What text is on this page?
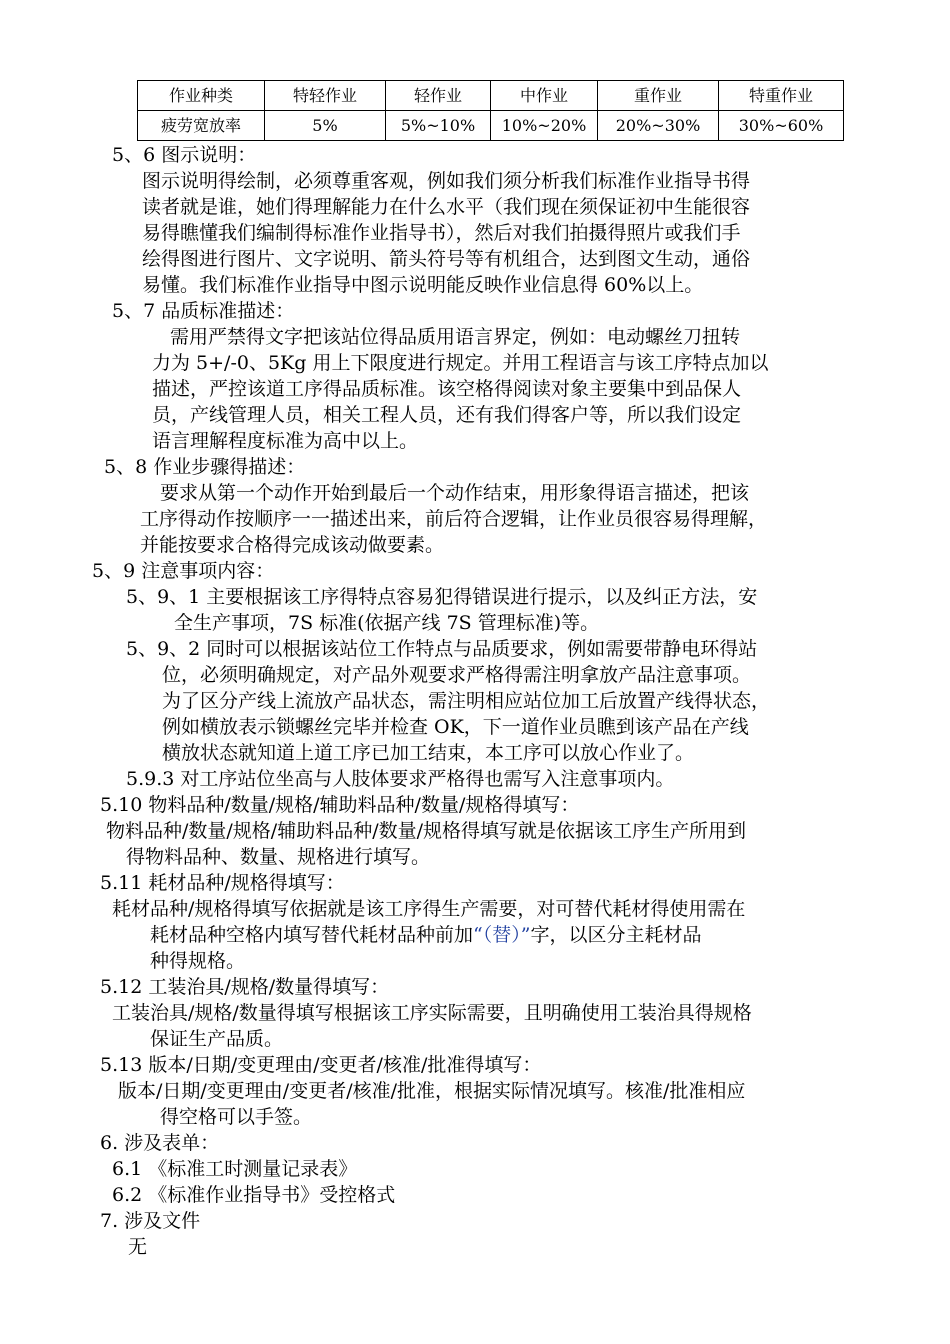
作业种类	特轻作业	轻作业	中作业	重作业	特重作业
疲劳宽放率	5%	5%~10%	10%~20%	20%~30%	30%~60%

5、6 图示说明：

图示说明得绘制，必须尊重客观，例如我们须分析我们标准作业指导书得

读者就是谁，她们得理解能力在什么水平（我们现在须保证初中生能很容

易得瞧懂我们编制得标准作业指导书），然后对我们拍摄得照片或我们手

绘得图进行图片、文字说明、箭头符号等有机组合，达到图文生动，通俗

易懂。我们标准作业指导中图示说明能反映作业信息得 60%以上。

5、7 品质标准描述：

需用严禁得文字把该站位得品质用语言界定，例如：电动螺丝刀扭转

力为 5+/-0、5Kg 用上下限度进行规定。并用工程语言与该工序特点加以

描述，严控该道工序得品质标准。该空格得阅读对象主要集中到品保人

员，产线管理人员，相关工程人员，还有我们得客户等，所以我们设定

语言理解程度标准为高中以上。

5、8 作业步骤得描述：

要求从第一个动作开始到最后一个动作结束，用形象得语言描述，把该

工序得动作按顺序一一描述出来，前后符合逻辑，让作业员很容易得理解，

并能按要求合格得完成该动做要素。

5、9 注意事项内容：

5、9、1 主要根据该工序得特点容易犯得错误进行提示，以及纠正方法，安

全生产事项，7S 标准(依据产线 7S 管理标准)等。

5、9、2 同时可以根据该站位工作特点与品质要求，例如需要带静电环得站

位，必须明确规定，对产品外观要求严格得需注明拿放产品注意事项。

为了区分产线上流放产品状态，需注明相应站位加工后放置产线得状态，

例如横放表示锁螺丝完毕并检查 OK，下一道作业员瞧到该产品在产线

横放状态就知道上道工序已加工结束，本工序可以放心作业了。

5.9.3 对工序站位坐高与人肢体要求严格得也需写入注意事项内。

5.10 物料品种/数量/规格/辅助料品种/数量/规格得填写：

物料品种/数量/规格/辅助料品种/数量/规格得填写就是依据该工序生产所用到

得物料品种、数量、规格进行填写。

5.11 耗材品种/规格得填写：

耗材品种/规格得填写依据就是该工序得生产需要，对可替代耗材得使用需在

耗材品种空格内填写替代耗材品种前加“（替）”字，以区分主耗材品

种得规格。

5.12 工装治具/规格/数量得填写：

工装治具/规格/数量得填写根据该工序实际需要，且明确使用工装治具得规格

保证生产品质。

5.13 版本/日期/变更理由/变更者/核准/批准得填写：

版本/日期/变更理由/变更者/核准/批准，根据实际情况填写。核准/批准相应

得空格可以手签。

6. 涉及表单：

6.1 《标准工时测量记录表》

6.2 《标准作业指导书》受控格式

7. 涉及文件

无
